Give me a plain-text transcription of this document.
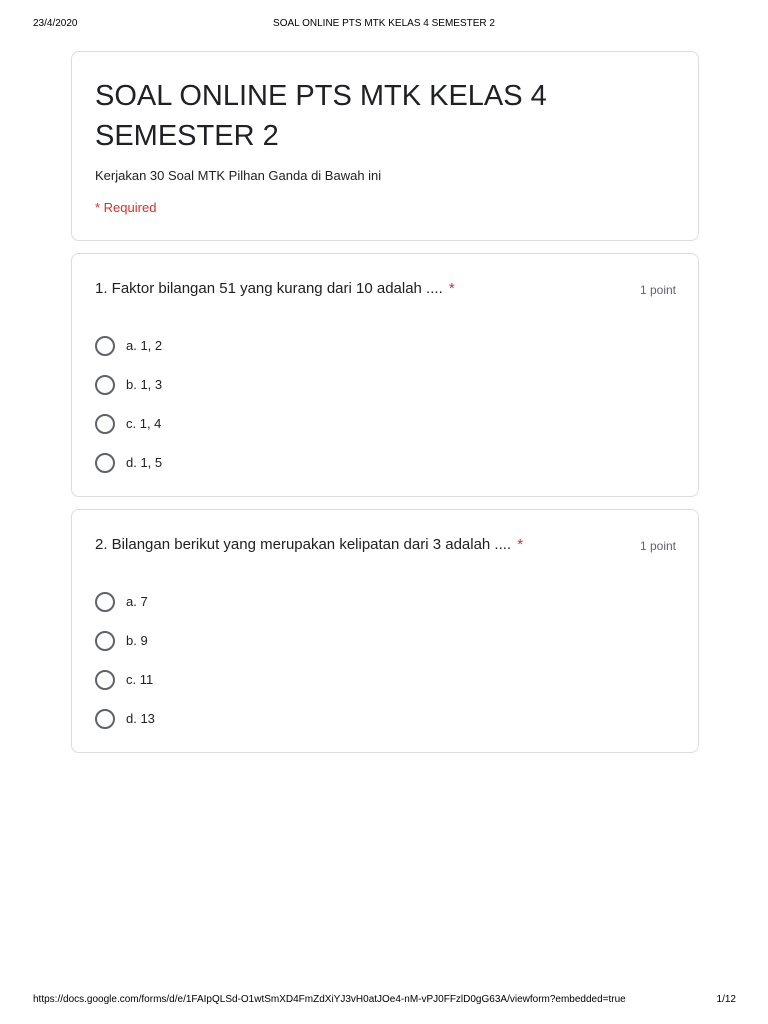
23/4/2020	SOAL ONLINE PTS MTK KELAS 4 SEMESTER 2
SOAL ONLINE PTS MTK KELAS 4 SEMESTER 2
Kerjakan 30 Soal MTK Pilhan Ganda di Bawah ini
* Required
1. Faktor bilangan 51 yang kurang dari 10 adalah .... *	1 point
a. 1, 2
b. 1, 3
c. 1, 4
d. 1, 5
2. Bilangan berikut yang merupakan kelipatan dari 3 adalah .... *	1 point
a. 7
b. 9
c. 11
d. 13
https://docs.google.com/forms/d/e/1FAIpQLSd-O1wtSmXD4FmZdXiYJ3vH0atJOe4-nM-vPJ0FFzlD0gG63A/viewform?embedded=true	1/12
